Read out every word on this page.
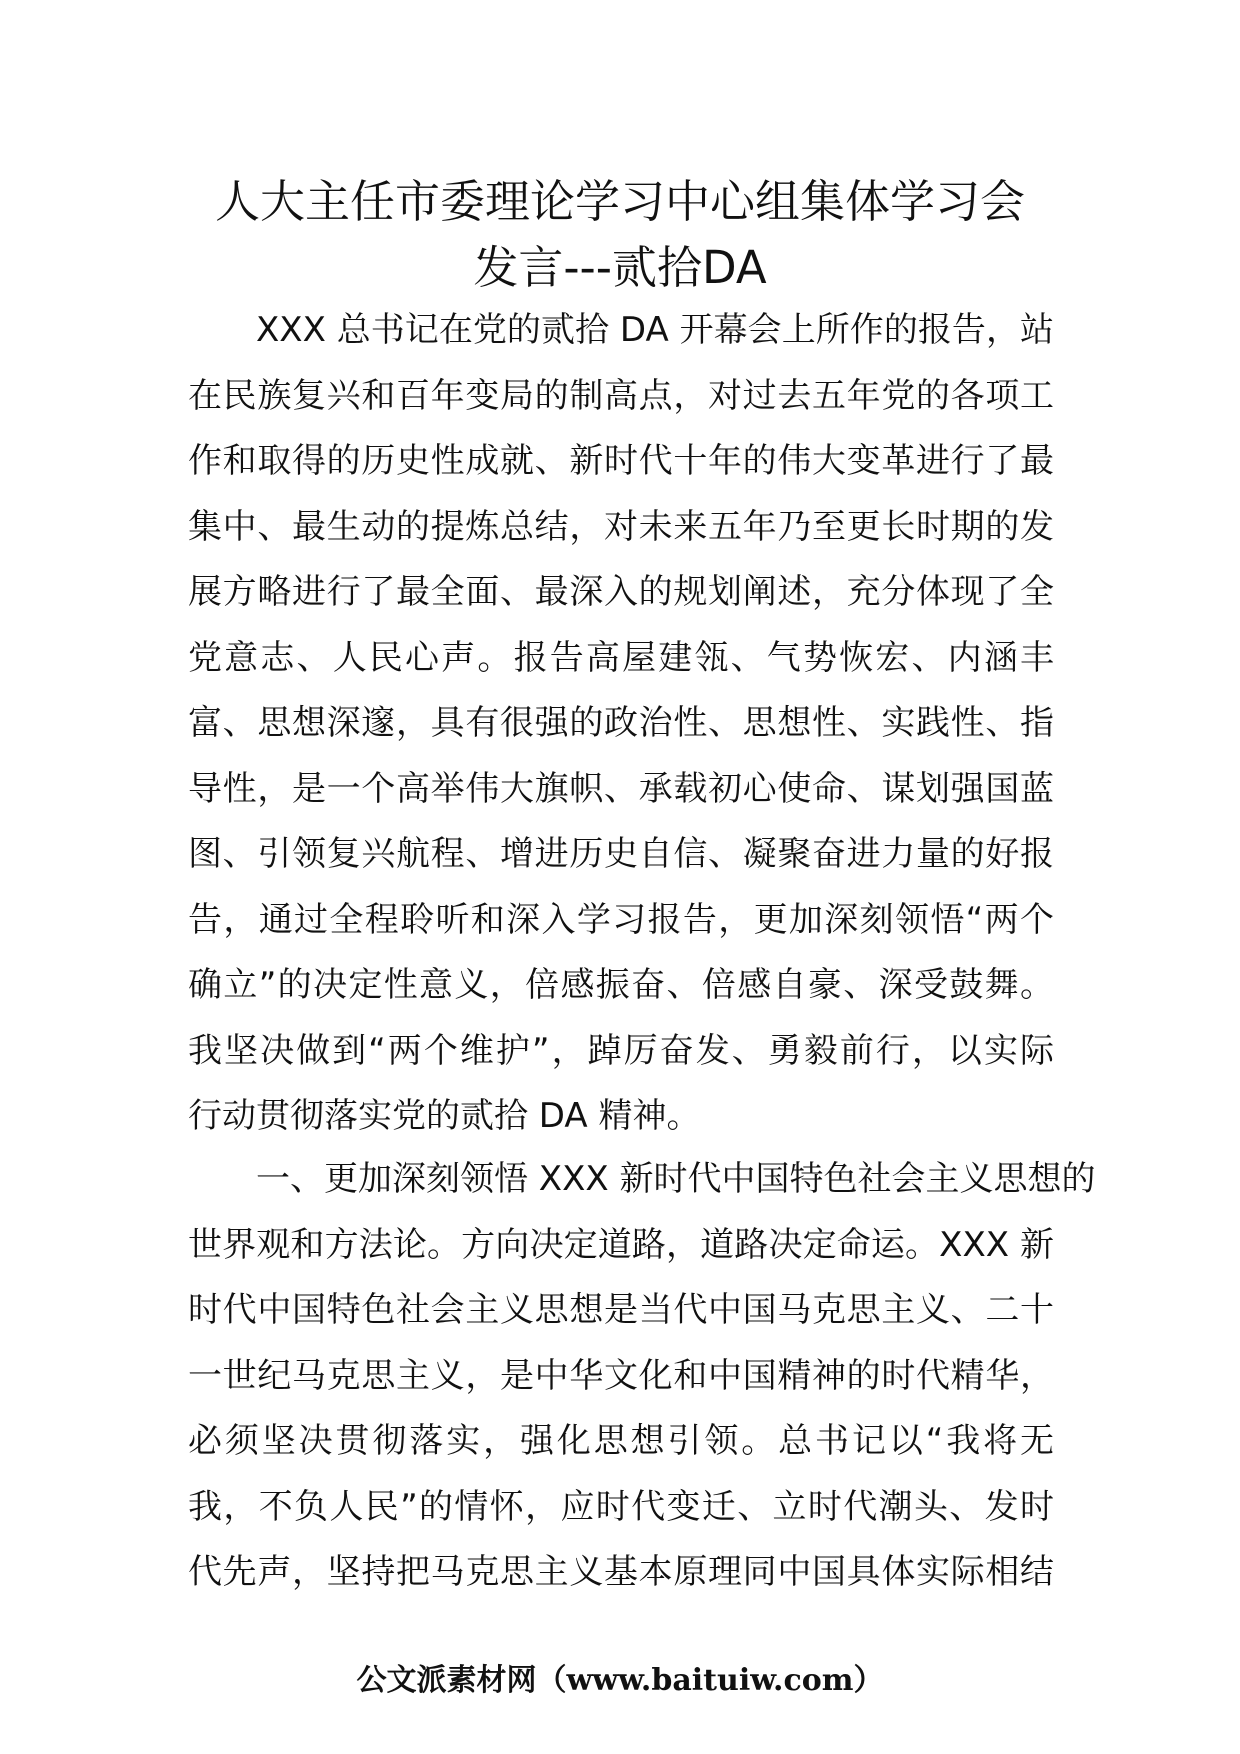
人大主任市委理论学习中心组集体学习会
发言---贰拾DA
XXX 总书记在党的贰拾 DA 开幕会上所作的报告，站
在民族复兴和百年变局的制高点，对过去五年党的各项工
作和取得的历史性成就、新时代十年的伟大变革进行了最
集中、最生动的提炼总结，对未来五年乃至更长时期的发
展方略进行了最全面、最深入的规划阐述，充分体现了全
党意志、人民心声。报告高屋建瓴、气势恢宏、内涵丰
富、思想深邃，具有很强的政治性、思想性、实践性、指
导性，是一个高举伟大旗帜、承载初心使命、谋划强国蓝
图、引领复兴航程、增进历史自信、凝聚奋进力量的好报
告，通过全程聆听和深入学习报告，更加深刻领悟“两个
确立”的决定性意义，倍感振奋、倍感自豪、深受鼓舞。
我坚决做到“两个维护”，踔厉奋发、勇毅前行，以实际
行动贯彻落实党的贰拾 DA 精神。
一、更加深刻领悟 XXX 新时代中国特色社会主义思想的
世界观和方法论。方向决定道路，道路决定命运。XXX 新
时代中国特色社会主义思想是当代中国马克思主义、二十
一世纪马克思主义，是中华文化和中国精神的时代精华，
必须坚决贯彻落实，强化思想引领。总书记以“我将无
我，不负人民”的情怀，应时代变迁、立时代潮头、发时
代先声，坚持把马克思主义基本原理同中国具体实际相结
公文派素材网（www.baituiw.com）
